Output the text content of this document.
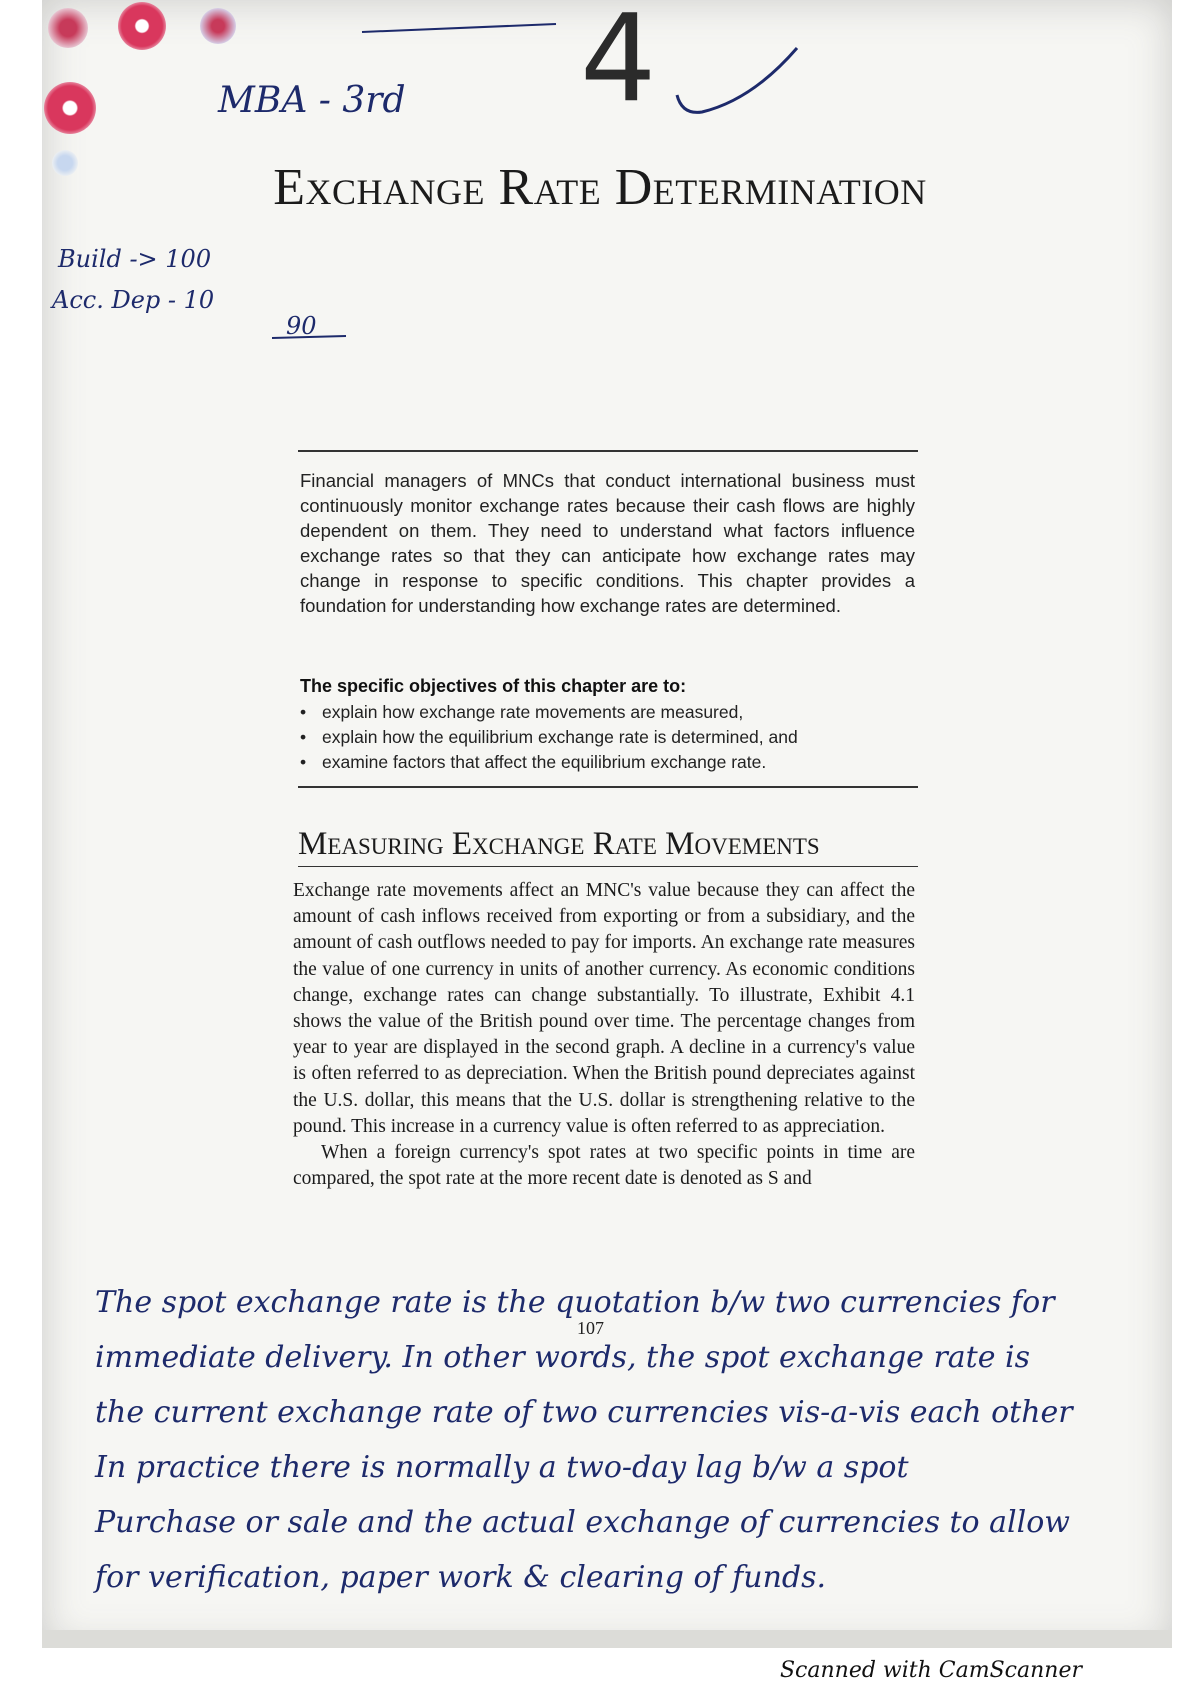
MBA - 3rd 4
Exchange Rate Determination
Build -> 100
Acc. Dep - 10
90
Financial managers of MNCs that conduct international business must continuously monitor exchange rates because their cash flows are highly dependent on them. They need to understand what factors influence exchange rates so that they can anticipate how exchange rates may change in response to specific conditions. This chapter provides a foundation for understanding how exchange rates are determined.
The specific objectives of this chapter are to:
• explain how exchange rate movements are measured,
• explain how the equilibrium exchange rate is determined, and
• examine factors that affect the equilibrium exchange rate.
Measuring Exchange Rate Movements

Exchange rate movements affect an MNC's value because they can affect the amount of cash inflows received from exporting or from a subsidiary, and the amount of cash outflows needed to pay for imports. An exchange rate measures the value of one currency in units of another currency. As economic conditions change, exchange rates can change substantially. To illustrate, Exhibit 4.1 shows the value of the British pound over time. The percentage changes from year to year are displayed in the second graph. A decline in a currency's value is often referred to as depreciation. When the British pound depreciates against the U.S. dollar, this means that the U.S. dollar is strengthening relative to the pound. This increase in a currency value is often referred to as appreciation.

When a foreign currency's spot rates at two specific points in time are compared, the spot rate at the more recent date is denoted as S and

107
The spot exchange rate is the quotation b/w two currencies for
immediate delivery. In other words, the spot exchange rate is
the current exchange rate of two currencies vis-a-vis each other
In practice there is normally a two-day lag b/w a spot
Purchase or sale and the actual exchange of currencies to allow
for verification, paper work & clearing of funds.
Scanned with CamScanner
